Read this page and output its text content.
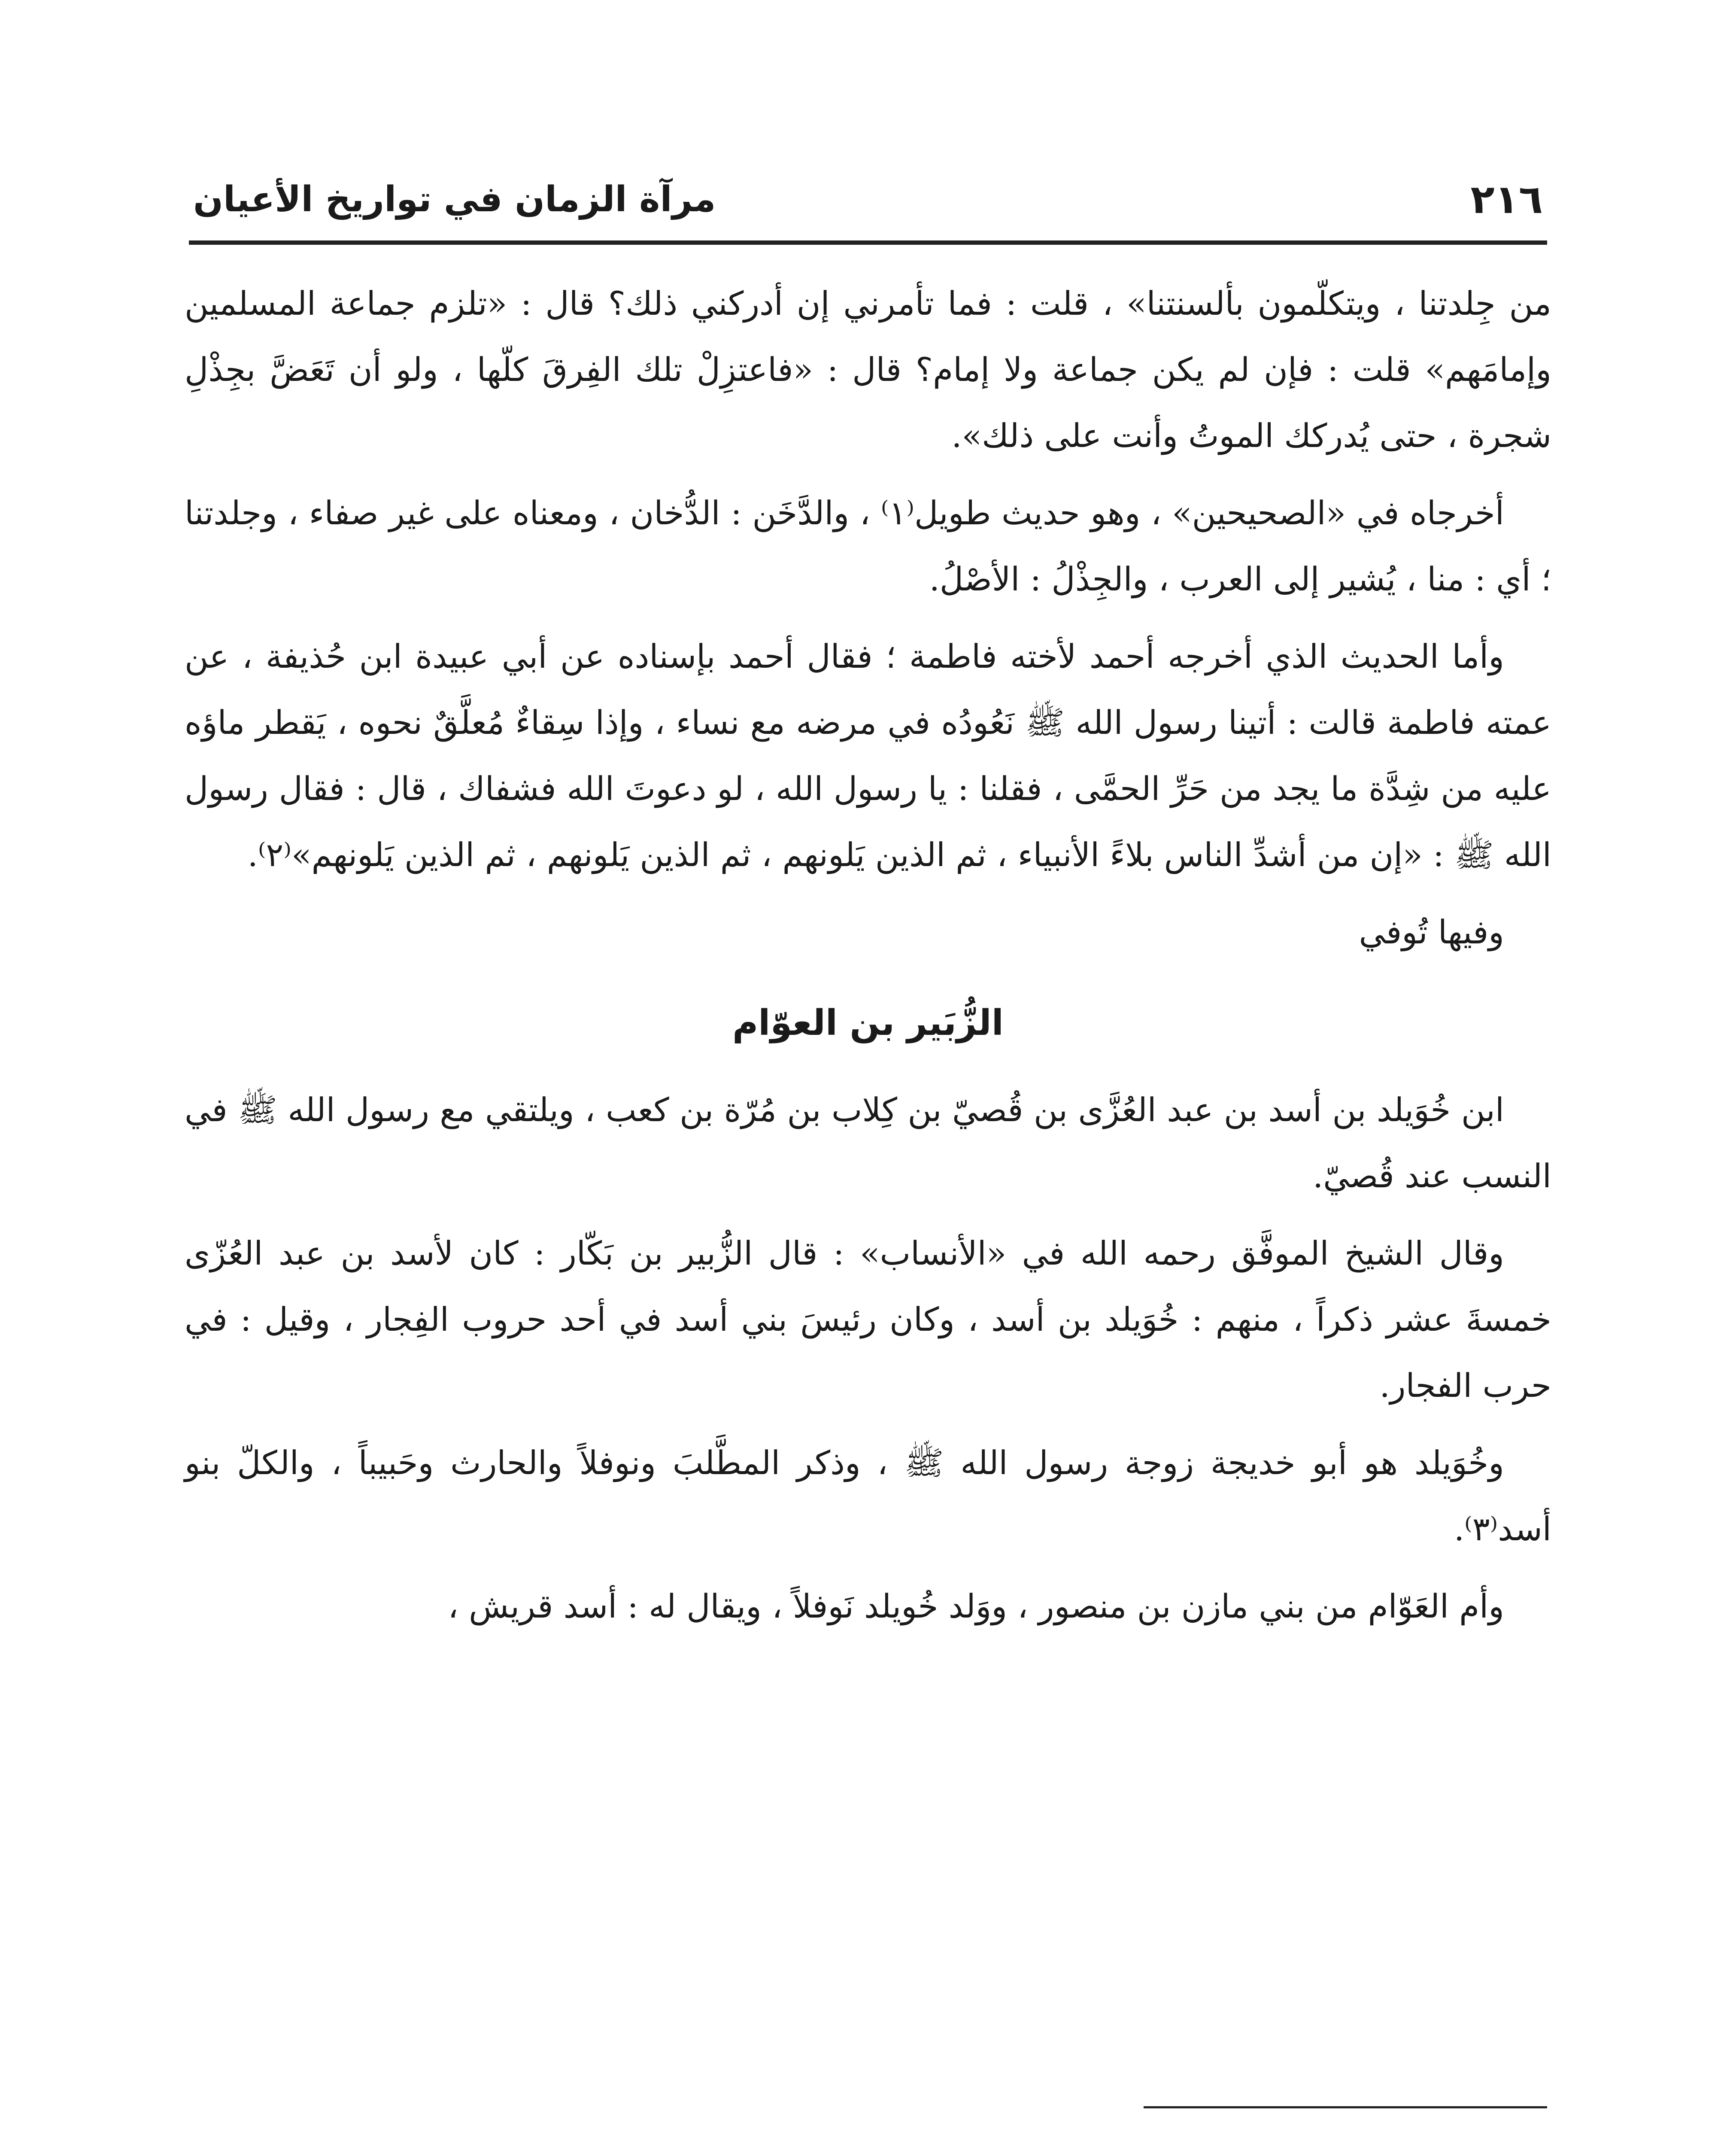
٢١٦
مرآة الزمان في تواريخ الأعيان

من جِلدتنا ، ويتكلّمون بألسنتنا» ، قلت : فما تأمرني إن أدركني ذلك؟ قال : «تلزم جماعة المسلمين وإمامَهم» قلت : فإن لم يكن جماعة ولا إمام؟ قال : «فاعتزِلْ تلك الفِرقَ كلّها ، ولو أن تَعَضَّ بجِذْلِ شجرة ، حتى يُدركك الموتُ وأنت على ذلك».

أخرجاه في «الصحيحين» ، وهو حديث طويل⁽١⁾ ، والدَّخَن : الدُّخان ، ومعناه على غير صفاء ، وجلدتنا ؛ أي : منا ، يُشير إلى العرب ، والجِذْلُ : الأصْلُ.

وأما الحديث الذي أخرجه أحمد لأخته فاطمة ؛ فقال أحمد بإسناده عن أبي عبيدة ابن حُذيفة ، عن عمته فاطمة قالت : أتينا رسول الله ﷺ نَعُودُه في مرضه مع نساء ، وإذا سِقاءٌ مُعلَّقٌ نحوه ، يَقطر ماؤه عليه من شِدَّة ما يجد من حَرِّ الحمَّى ، فقلنا : يا رسول الله ، لو دعوتَ الله فشفاك ، قال : فقال رسول الله ﷺ : «إن من أشدِّ الناس بلاءً الأنبياء ، ثم الذين يَلونهم ، ثم الذين يَلونهم ، ثم الذين يَلونهم»⁽٢⁾.

وفيها تُوفي

الزُّبَير بن العوّام

ابن خُوَيلد بن أسد بن عبد العُزَّى بن قُصيّ بن كِلاب بن مُرّة بن كعب ، ويلتقي مع رسول الله ﷺ في النسب عند قُصيّ.

وقال الشيخ الموفَّق رحمه الله في «الأنساب» : قال الزُّبير بن بَكّار : كان لأسد بن عبد العُزّى خمسةَ عشر ذكراً ، منهم : خُوَيلد بن أسد ، وكان رئيسَ بني أسد في أحد حروب الفِجار ، وقيل : في حرب الفجار.

وخُوَيلد هو أبو خديجة زوجة رسول الله ﷺ ، وذكر المطَّلبَ ونوفلاً والحارث وحَبيباً ، والكلّ بنو أسد⁽٣⁾.

وأم العَوّام من بني مازن بن منصور ، ووَلد خُويلد نَوفلاً ، ويقال له : أسد قريش ،
